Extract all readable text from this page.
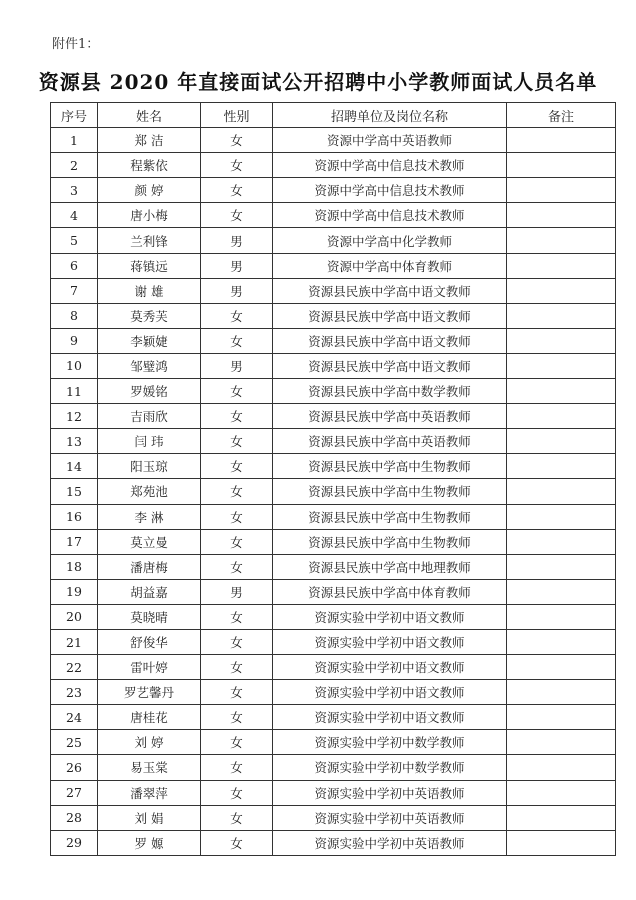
附件1：
资源县 2020 年直接面试公开招聘中小学教师面试人员名单
序号	姓名	性别	招聘单位及岗位名称	备注
1	郑 洁	女	资源中学高中英语教师	
2	程紫依	女	资源中学高中信息技术教师	
3	颜 婷	女	资源中学高中信息技术教师	
4	唐小梅	女	资源中学高中信息技术教师	
5	兰利锋	男	资源中学高中化学教师	
6	蒋镇远	男	资源中学高中体育教师	
7	谢 雄	男	资源县民族中学高中语文教师	
8	莫秀芙	女	资源县民族中学高中语文教师	
9	李颖婕	女	资源县民族中学高中语文教师	
10	邹璧鸿	男	资源县民族中学高中语文教师	
11	罗媛铭	女	资源县民族中学高中数学教师	
12	吉雨欣	女	资源县民族中学高中英语教师	
13	闫 玮	女	资源县民族中学高中英语教师	
14	阳玉琼	女	资源县民族中学高中生物教师	
15	郑苑池	女	资源县民族中学高中生物教师	
16	李 淋	女	资源县民族中学高中生物教师	
17	莫立曼	女	资源县民族中学高中生物教师	
18	潘唐梅	女	资源县民族中学高中地理教师	
19	胡益嘉	男	资源县民族中学高中体育教师	
20	莫晓晴	女	资源实验中学初中语文教师	
21	舒俊华	女	资源实验中学初中语文教师	
22	雷叶婷	女	资源实验中学初中语文教师	
23	罗艺馨丹	女	资源实验中学初中语文教师	
24	唐桂花	女	资源实验中学初中语文教师	
25	刘 婷	女	资源实验中学初中数学教师	
26	易玉棠	女	资源实验中学初中数学教师	
27	潘翠萍	女	资源实验中学初中英语教师	
28	刘 娟	女	资源实验中学初中英语教师	
29	罗 嫄	女	资源实验中学初中英语教师	
